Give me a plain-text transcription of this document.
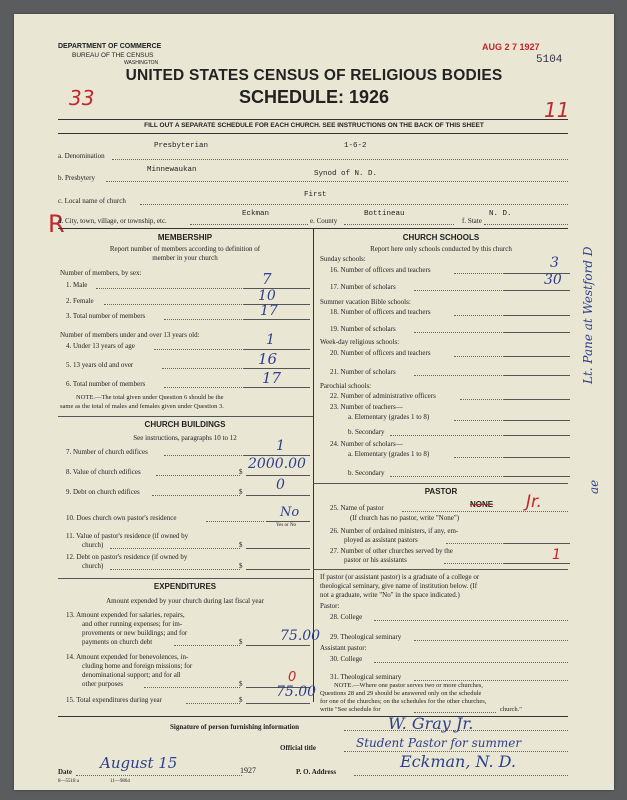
DEPARTMENT OF COMMERCE
BUREAU OF THE CENSUS
WASHINGTON
AUG 2 7 1927
5104
33	11
UNITED STATES CENSUS OF RELIGIOUS BODIES
SCHEDULE: 1926
FILL OUT A SEPARATE SCHEDULE FOR EACH CHURCH. SEE INSTRUCTIONS ON THE BACK OF THIS SHEET
a. Denomination
Presbyterian	1-6-2
b. Presbytery
Minnewaukan	Synod of N. D.
c. Local name of church
First
R
d. City, town, village, or township, etc.
Eckman
e. County
Bottineau
f. State
N. D.
MEMBERSHIP
Report number of members according to definition of
member in your church
Number of members, by sex:
1. Male	7
2. Female	10
3. Total number of members	17
Number of members under and over 13 years old:
4. Under 13 years of age	1
5. 13 years old and over	16
6. Total number of members	17
NOTE.—The total given under Question 6 should be the
same as the total of males and females given under Question 3.
CHURCH BUILDINGS
See instructions, paragraphs 10 to 12
7. Number of church edifices	1
8. Value of church edifices	$ 2000.00
9. Debt on church edifices	$ 0
10. Does church own pastor's residence	No
Yes or No
11. Value of pastor's residence (if owned by
church)	$
12. Debt on pastor's residence (if owned by
church)	$
EXPENDITURES
Amount expended by your church during last fiscal year
13. Amount expended for salaries, repairs,
and other running expenses; for im-
provements or new buildings; and for
payments on church debt	$	75.00
14. Amount expended for benevolences, in-
cluding home and foreign missions; for
denominational support; and for all
other purposes	$	0
15. Total expenditures during year	$ 75.00
CHURCH SCHOOLS
Report here only schools conducted by this church
Sunday schools:
16. Number of officers and teachers	3
17. Number of scholars	30
Summer vacation Bible schools:
18. Number of officers and teachers
19. Number of scholars
Week-day religious schools:
20. Number of officers and teachers
21. Number of scholars
Parochial schools:
22. Number of administrative officers
23. Number of teachers—
a. Elementary (grades 1 to 8)
b. Secondary
24. Number of scholars—
a. Elementary (grades 1 to 8)
b. Secondary
PASTOR
25. Name of pastor	NONE Jr.
(If church has no pastor, write "None")
26. Number of ordained ministers, if any, em-
ployed as assistant pastors
27. Number of other churches served by the
pastor or his assistants	1
If pastor (or assistant pastor) is a graduate of a college or
theological seminary, give name of institution below. (If
not a graduate, write "No" in the space indicated.)
Pastor:
28. College
29. Theological seminary
Assistant pastor:
30. College
31. Theological seminary
NOTE.—Where one pastor serves two or more churches,
Questions 28 and 29 should be answered only on the schedule
for one of the churches; on the schedules for the other churches,
write "See schedule for	church."
Signature of person furnishing information	W. Gray Jr.
Official title	Student Pastor for summer
Date August 15	1927
8—5518 a	11—9864
P. O. Address
Eckman, N. D.
Lt. Pane at Westford D
ae
